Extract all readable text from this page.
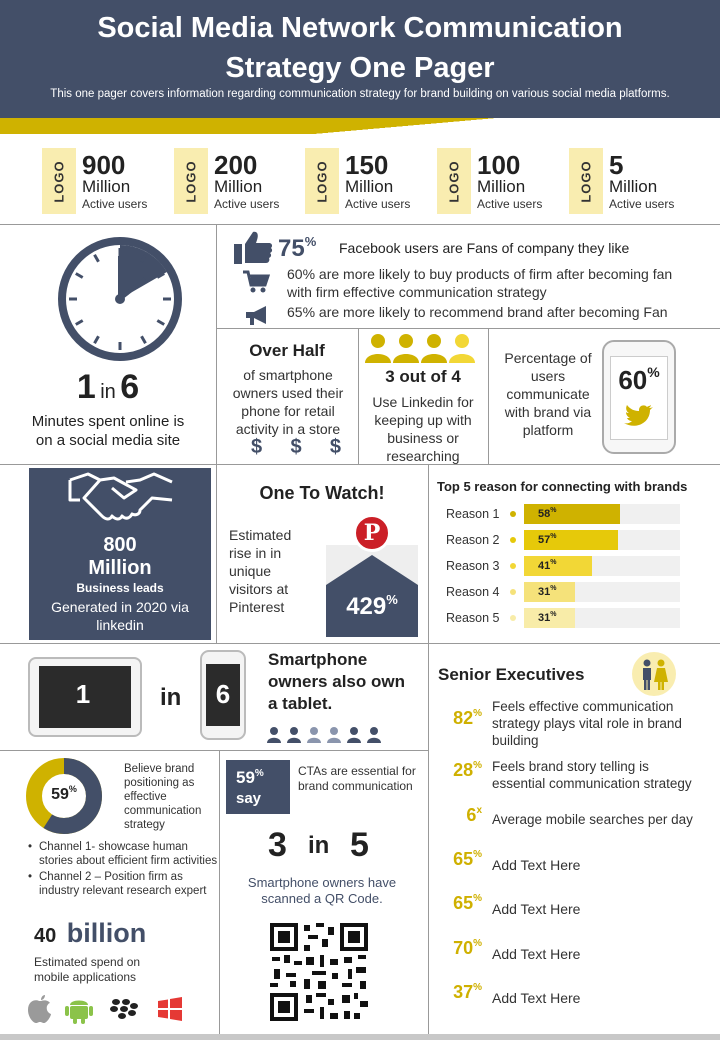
Social Media Network Communication
Strategy One Pager
This one pager covers information regarding communication strategy for brand building on various social media platforms.
LOGO 900
Million
Active users
LOGO 200
Million
Active users
LOGO 150
Million
Active users
LOGO 100
Million
Active users
LOGO 5
Million
Active users
1 in 6
Minutes spent online is on a social media site
75% Facebook users are Fans of company they like
60% are more likely to buy products of firm after becoming fan with firm effective communication strategy
65% are more likely to recommend brand after becoming Fan
Over Half
of smartphone owners used their phone for retail activity in a store
$ $ $
3 out of 4
Use Linkedin for keeping up with business or researching
Percentage of users communicate with brand via platform
60%
800
Million
Business leads
Generated in 2020 via linkedin
One To Watch!
Estimated rise in in unique visitors at Pinterest	429%
P
Top 5 reason for connecting with brands
Reason 1	58%
Reason 2	57%
Reason 3	41%
Reason 4	31%
Reason 5	31%
1	in	6
Smartphone owners also own a tablet.
Senior Executives
82% Feels effective communication strategy plays vital role in brand building
28% Feels brand story telling is essential communication strategy
6$^x$
Average mobile searches per day
65%
Add Text Here
65%
Add Text Here
70%
Add Text Here
37%
Add Text Here
59%
Believe brand positioning as effective communication strategy
• Channel 1- showcase human stories about efficient firm activities
• Channel 2 – Position firm as industry relevant research expert
40 billion
Estimated spend on mobile applications
59%
say
CTAs are essential for brand communication
3 in 5
Smartphone owners have scanned a QR Code.
